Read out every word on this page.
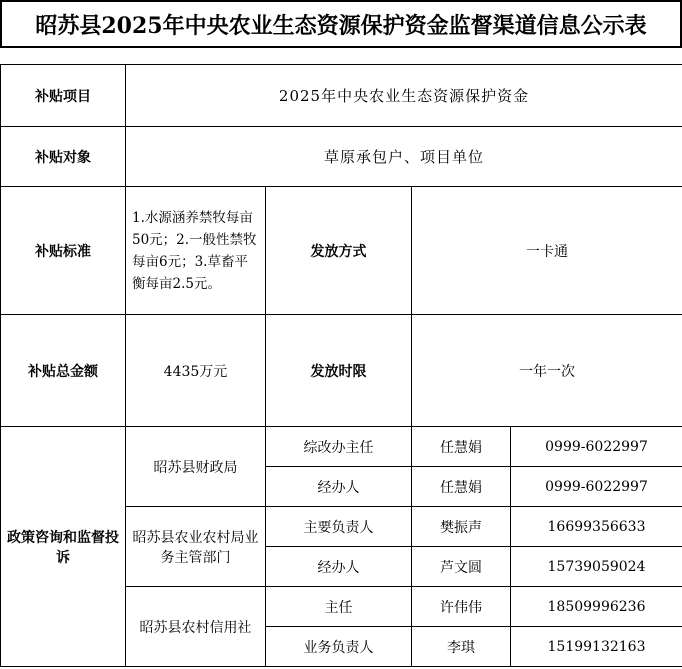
昭苏县2025年中央农业生态资源保护资金监督渠道信息公示表
补贴项目	2025年中央农业生态资源保护资金			
补贴对象	草原承包户、项目单位			
补贴标准	1.水源涵养禁牧每亩50元；2.一般性禁牧每亩6元；3.草畜平衡每亩2.5元。	发放方式	一卡通	
补贴总金额	4435万元	发放时限	一年一次	
政策咨询和监督投诉	昭苏县财政局	综改办主任	任慧娟	0999-6022997
		经办人	任慧娟	0999-6022997
	昭苏县农业农村局业务主管部门	主要负责人	樊振声	16699356633
		经办人	芦文圆	15739059024
	昭苏县农村信用社	主任	许伟伟	18509996236
		业务负责人	李琪	15199132163
